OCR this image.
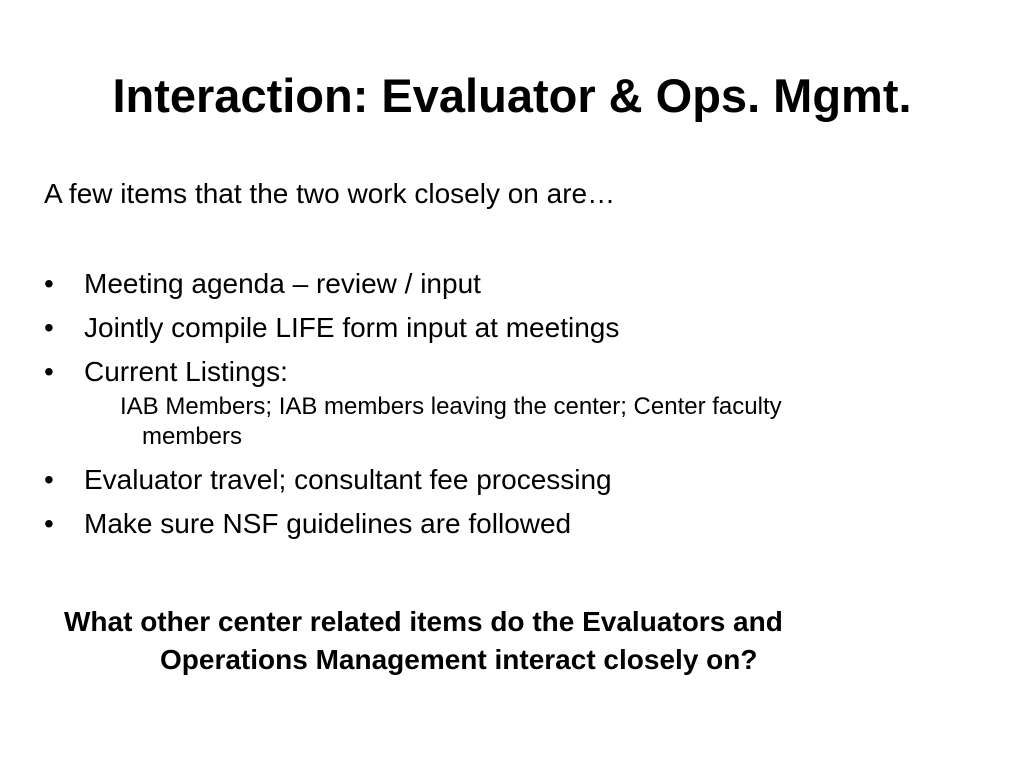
Interaction: Evaluator & Ops. Mgmt.

A few items that the two work closely on are…

• Meeting agenda – review / input
• Jointly compile LIFE form input at meetings
• Current Listings:
IAB Members; IAB members leaving the center; Center faculty
members
• Evaluator travel; consultant fee processing
• Make sure NSF guidelines are followed

What other center related items do the Evaluators and
Operations Management interact closely on?
